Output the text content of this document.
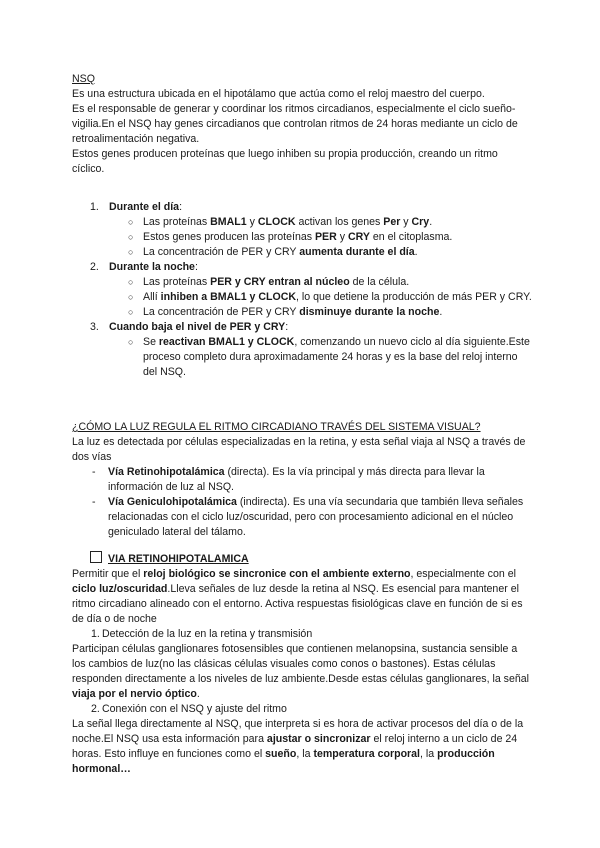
NSQ

Es una estructura ubicada en el hipotálamo que actúa como el reloj maestro del cuerpo.

Es el responsable de generar y coordinar los ritmos circadianos, especialmente el ciclo sueño-vigilia.En el NSQ hay genes circadianos que controlan ritmos de 24 horas mediante un ciclo de retroalimentación negativa.

Estos genes producen proteínas que luego inhiben su propia producción, creando un ritmo cíclico.

1. Durante el día:
○ Las proteínas BMAL1 y CLOCK activan los genes Per y Cry.
○ Estos genes producen las proteínas PER y CRY en el citoplasma.
○ La concentración de PER y CRY aumenta durante el día.
2. Durante la noche:
○ Las proteínas PER y CRY entran al núcleo de la célula.
○ Allí inhiben a BMAL1 y CLOCK, lo que detiene la producción de más PER y CRY.
○ La concentración de PER y CRY disminuye durante la noche.
3. Cuando baja el nivel de PER y CRY:
○ Se reactivan BMAL1 y CLOCK, comenzando un nuevo ciclo al día siguiente.Este proceso completo dura aproximadamente 24 horas y es la base del reloj interno del NSQ.

¿CÓMO LA LUZ REGULA EL RITMO CIRCADIANO TRAVÉS DEL SISTEMA VISUAL?

La luz es detectada por células especializadas en la retina, y esta señal viaja al NSQ a través de dos vías

- Vía Retinohipotalámica (directa). Es la vía principal y más directa para llevar la información de luz al NSQ.
- Vía Geniculohipotalámica (indirecta). Es una vía secundaria que también lleva señales relacionadas con el ciclo luz/oscuridad, pero con procesamiento adicional en el núcleo geniculado lateral del tálamo.

VIA RETINOHIPOTALAMICA

Permitir que el reloj biológico se sincronice con el ambiente externo, especialmente con el ciclo luz/oscuridad.Lleva señales de luz desde la retina al NSQ. Es esencial para mantener el ritmo circadiano alineado con el entorno. Activa respuestas fisiológicas clave en función de si es de día o de noche

1. Detección de la luz en la retina y transmisión

Participan células ganglionares fotosensibles que contienen melanopsina, sustancia sensible a los cambios de luz(no las clásicas células visuales como conos o bastones). Estas células responden directamente a los niveles de luz ambiente.Desde estas células ganglionares, la señal viaja por el nervio óptico.

2. Conexión con el NSQ y ajuste del ritmo

La señal llega directamente al NSQ, que interpreta si es hora de activar procesos del día o de la noche.El NSQ usa esta información para ajustar o sincronizar el reloj interno a un ciclo de 24 horas. Esto influye en funciones como el sueño, la temperatura corporal, la producción hormonal…
